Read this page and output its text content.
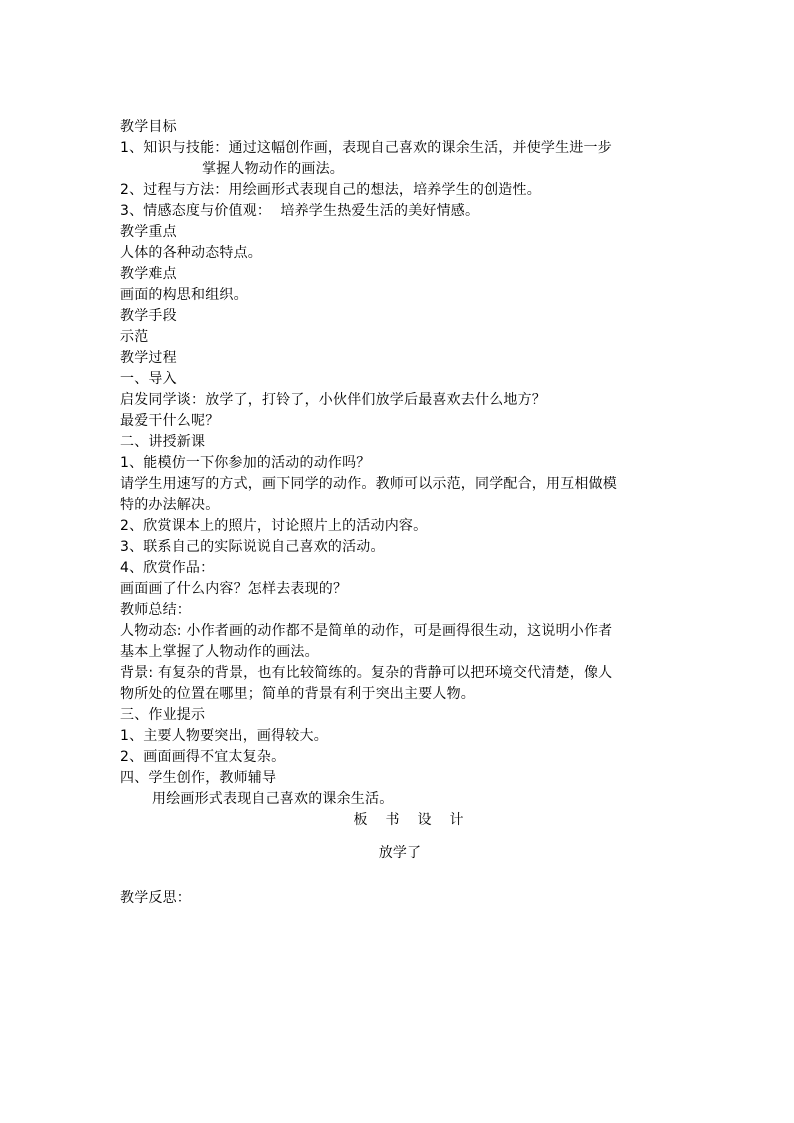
教学目标

1、知识与技能：通过这幅创作画，表现自己喜欢的课余生活，并使学生进一步

掌握人物动作的画法。

2、过程与方法：用绘画形式表现自己的想法，培养学生的创造性。

3、情感态度与价值观：  培养学生热爱生活的美好情感。

教学重点

人体的各种动态特点。

教学难点

画面的构思和组织。

教学手段

示范

教学过程

一、导入

启发同学谈：放学了，打铃了，小伙伴们放学后最喜欢去什么地方？

最爱干什么呢？

二、讲授新课

1、能模仿一下你参加的活动的动作吗？

请学生用速写的方式，画下同学的动作。教师可以示范，同学配合，用互相做模

特的办法解决。

2、欣赏课本上的照片，讨论照片上的活动内容。

3、联系自己的实际说说自己喜欢的活动。

4、欣赏作品：

画面画了什么内容？怎样去表现的？

教师总结：

人物动态: 小作者画的动作都不是简单的动作，可是画得很生动，这说明小作者

基本上掌握了人物动作的画法。

背景: 有复杂的背景，也有比较简练的。复杂的背静可以把环境交代清楚，像人

物所处的位置在哪里；简单的背景有利于突出主要人物。

三、作业提示

1、主要人物要突出，画得较大。

2、画面画得不宜太复杂。

四、学生创作，教师辅导

用绘画形式表现自己喜欢的课余生活。

板书设计

放学了

教学反思：
